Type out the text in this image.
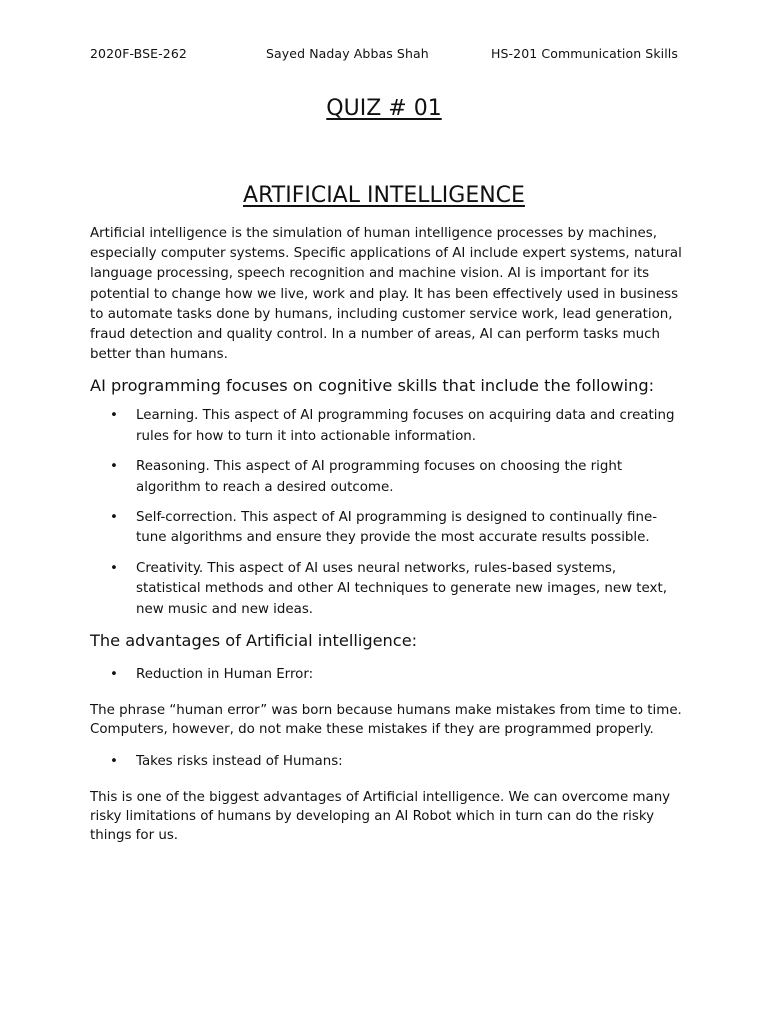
2020F-BSE-262	Sayed Naday Abbas Shah	HS-201 Communication Skills
QUIZ # 01
ARTIFICIAL INTELLIGENCE

Artificial intelligence is the simulation of human intelligence processes by machines, especially computer systems. Specific applications of AI include expert systems, natural language processing, speech recognition and machine vision. AI is important for its potential to change how we live, work and play. It has been effectively used in business to automate tasks done by humans, including customer service work, lead generation, fraud detection and quality control. In a number of areas, AI can perform tasks much better than humans.

AI programming focuses on cognitive skills that include the following:

• Learning. This aspect of AI programming focuses on acquiring data and creating rules for how to turn it into actionable information.
• Reasoning. This aspect of AI programming focuses on choosing the right algorithm to reach a desired outcome.
• Self-correction. This aspect of AI programming is designed to continually fine-tune algorithms and ensure they provide the most accurate results possible.
• Creativity. This aspect of AI uses neural networks, rules-based systems, statistical methods and other AI techniques to generate new images, new text, new music and new ideas.

The advantages of Artificial intelligence:

• Reduction in Human Error:

The phrase “human error” was born because humans make mistakes from time to time. Computers, however, do not make these mistakes if they are programmed properly.

• Takes risks instead of Humans:

This is one of the biggest advantages of Artificial intelligence. We can overcome many risky limitations of humans by developing an AI Robot which in turn can do the risky things for us.
